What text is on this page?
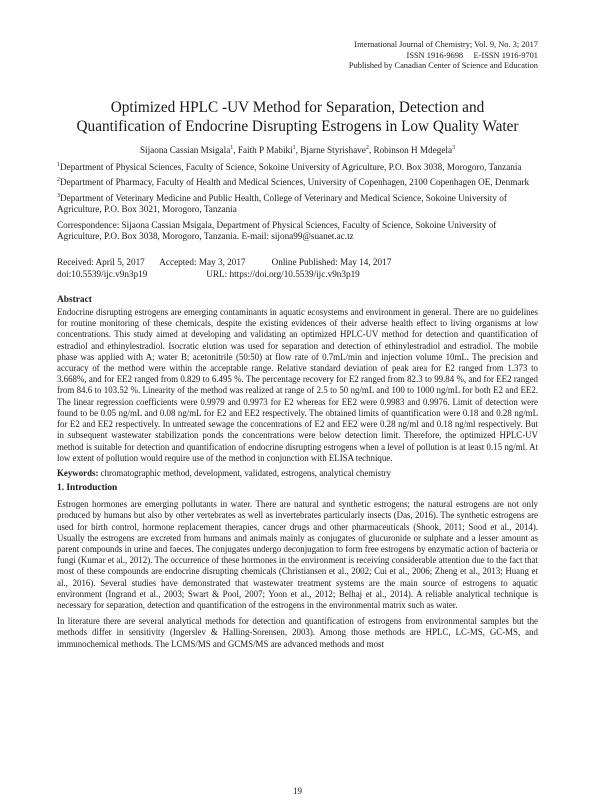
International Journal of Chemistry; Vol. 9, No. 3; 2017
ISSN 1916-9698     E-ISSN 1916-9701
Published by Canadian Center of Science and Education
Optimized HPLC -UV Method for Separation, Detection and
Quantification of Endocrine Disrupting Estrogens in Low Quality Water
Sijaona Cassian Msigala$^1$, Faith P Mabiki$^1$, Bjarne Styrishave$^2$, Robinson H Mdegela$^3$

$^1$Department of Physical Sciences, Faculty of Science, Sokoine University of Agriculture, P.O. Box 3038, Morogoro, Tanzania

$^2$Department of Pharmacy, Faculty of Health and Medical Sciences, University of Copenhagen, 2100 Copenhagen OE, Denmark

$^3$Department of Veterinary Medicine and Public Health, College of Veterinary and Medical Science, Sokoine University of Agriculture, P.O. Box 3021, Morogoro, Tanzania

Correspondence: Sijaona Cassian Msigala, Department of Physical Sciences, Faculty of Science, Sokoine University of Agriculture, P.O. Box 3038, Morogoro, Tanzania. E-mail: sijona99@suanet.ac.tz

Received: April 5, 2017 Accepted: May 3, 2017	Online Published: May 14, 2017
doi:10.5539/ijc.v9n3p19	URL: https://doi.org/10.5539/ijc.v9n3p19
Abstract

Endocrine disrupting estrogens are emerging contaminants in aquatic ecosystems and environment in general. There are no guidelines for routine monitoring of these chemicals, despite the existing evidences of their adverse health effect to living organisms at low concentrations. This study aimed at developing and validating an optimized HPLC-UV method for detection and quantification of estradiol and ethinylestradiol. Isocratic elution was used for separation and detection of ethinylestradiol and estradiol. The mobile phase was applied with A; water B; acetonitrile (50:50) at flow rate of 0.7mL/min and injection volume 10mL. The precision and accuracy of the method were within the acceptable range. Relative standard deviation of peak area for E2 ranged from 1.373 to 3.668%, and for EE2 ranged from 0.829 to 6.495 %. The percentage recovery for E2 ranged from 82.3 to 99.84 %, and for EE2 ranged from 84.6 to 103.52 %. Linearity of the method was realized at range of 2.5 to 50 ng/mL and 100 to 1000 ng/mL for both E2 and EE2. The linear regression coefficients were 0.9979 and 0.9973 for E2 whereas for EE2 were 0.9983 and 0.9976. Limit of detection were found to be 0.05 ng/mL and 0.08 ng/mL for E2 and EE2 respectively. The obtained limits of quantification were 0.18 and 0.28 ng/mL for E2 and EE2 respectively. In untreated sewage the concentrations of E2 and EE2 were 0.28 ng/ml and 0.18 ng/ml respectively. But in subsequent wastewater stabilization ponds the concentrations were below detection limit. Therefore, the optimized HPLC-UV method is suitable for detection and quantification of endocrine disrupting estrogens when a level of pollution is at least 0.15 ng/ml. At low extent of pollution would require use of the method in conjunction with ELISA technique.

Keywords: chromatographic method, development, validated, estrogens, analytical chemistry
1. Introduction

Estrogen hormones are emerging pollutants in water. There are natural and synthetic estrogens; the natural estrogens are not only produced by humans but also by other vertebrates as well as invertebrates particularly insects (Das, 2016). The synthetic estrogens are used for birth control, hormone replacement therapies, cancer drugs and other pharmaceuticals (Shook, 2011; Sood et al., 2014). Usually the estrogens are excreted from humans and animals mainly as conjugates of glucuronide or sulphate and a lesser amount as parent compounds in urine and faeces. The conjugates undergo deconjugation to form free estrogens by enzymatic action of bacteria or fungi (Kumar et al., 2012). The occurrence of these hormones in the environment is receiving considerable attention due to the fact that most of these compounds are endocrine disrupting chemicals (Christiansen et al., 2002; Cui et al., 2006; Zheng et al., 2013; Huang et al., 2016). Several studies have demonstrated that wastewater treatment systems are the main source of estrogens to aquatic environment (Ingrand et al., 2003; Swart & Pool, 2007; Yoon et al., 2012; Belhaj et al., 2014). A reliable analytical technique is necessary for separation, detection and quantification of the estrogens in the environmental matrix such as water.

In literature there are several analytical methods for detection and quantification of estrogens from environmental samples but the methods differ in sensitivity (Ingerslev & Halling-Sorensen, 2003). Among those methods are HPLC, LC-MS, GC-MS, and immunochemical methods. The LCMS/MS and GCMS/MS are advanced methods and most

19
